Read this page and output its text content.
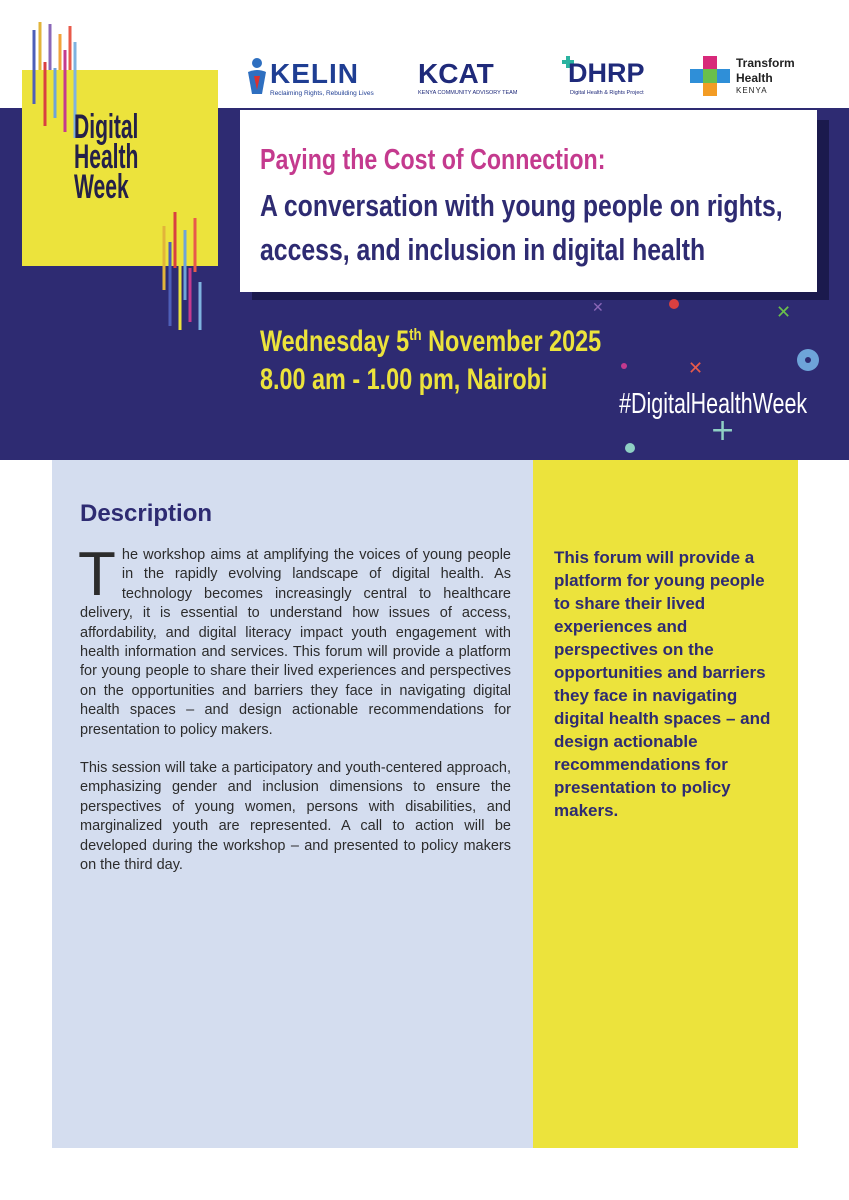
Digital
Health
Week
KELIN
Reclaiming Rights, Rebuilding Lives
KCAT
KENYA COMMUNITY ADVISORY TEAM
DHRP
Digital Health & Rights Project
Transform
Health
KENYA
Paying the Cost of Connection:
A conversation with young people on rights,
access, and inclusion in digital health

Wednesday 5th November 2025
8.00 am - 1.00 pm, Nairobi

✕	✕
✕
+

#DigitalHealthWeek

Description

The workshop aims at amplifying the voices of young people in the rapidly evolving landscape of digital health. As technology becomes increasingly central to healthcare delivery, it is essential to understand how issues of access, affordability, and digital literacy impact youth engagement with health information and services. This forum will provide a platform for young people to share their lived experiences and perspectives on the opportunities and barriers they face in navigating digital health spaces – and design actionable recommendations for presentation to policy makers.

This session will take a participatory and youth-centered approach, emphasizing gender and inclusion dimensions to ensure the perspectives of young women, persons with disabilities, and marginalized youth are represented. A call to action will be developed during the workshop – and presented to policy makers on the third day.

This forum will provide a platform for young people to share their lived experiences and perspectives on the opportunities and barriers they face in navigating digital health spaces – and design actionable recommendations for presentation to policy makers.
